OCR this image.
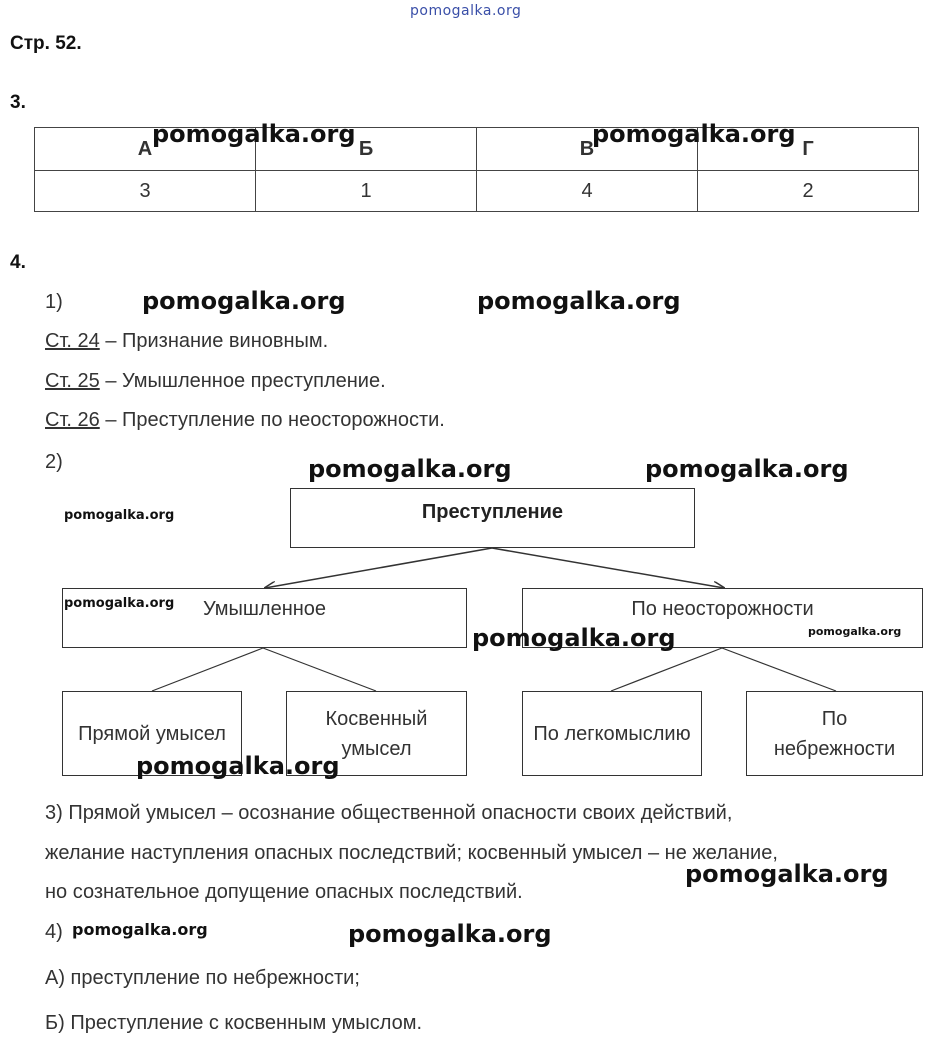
pomogalka.org
Стр. 52.
3.
А	Б	В	Г
3	1	4	2
pomogalka.org	pomogalka.org
4.
1)	pomogalka.org	pomogalka.org
Ст. 24 – Признание виновным.
Ст. 25 – Умышленное преступление.
Ст. 26 – Преступление по неосторожности.
2)	pomogalka.org	pomogalka.org
pomogalka.org	Преступление
Умышленное	По неосторожности
Прямой умысел
Косвенный умысел
По легкомыслию
По небрежности
pomogalka.org
pomogalka.org
pomogalka.org
pomogalka.org
3) Прямой умысел – осознание общественной опасности своих действий,
желание наступления опасных последствий; косвенный умысел – не желание,
но сознательное допущение опасных последствий.
pomogalka.org
4) pomogalka.org	pomogalka.org
А) преступление по небрежности;
Б) Преступление с косвенным умыслом.
